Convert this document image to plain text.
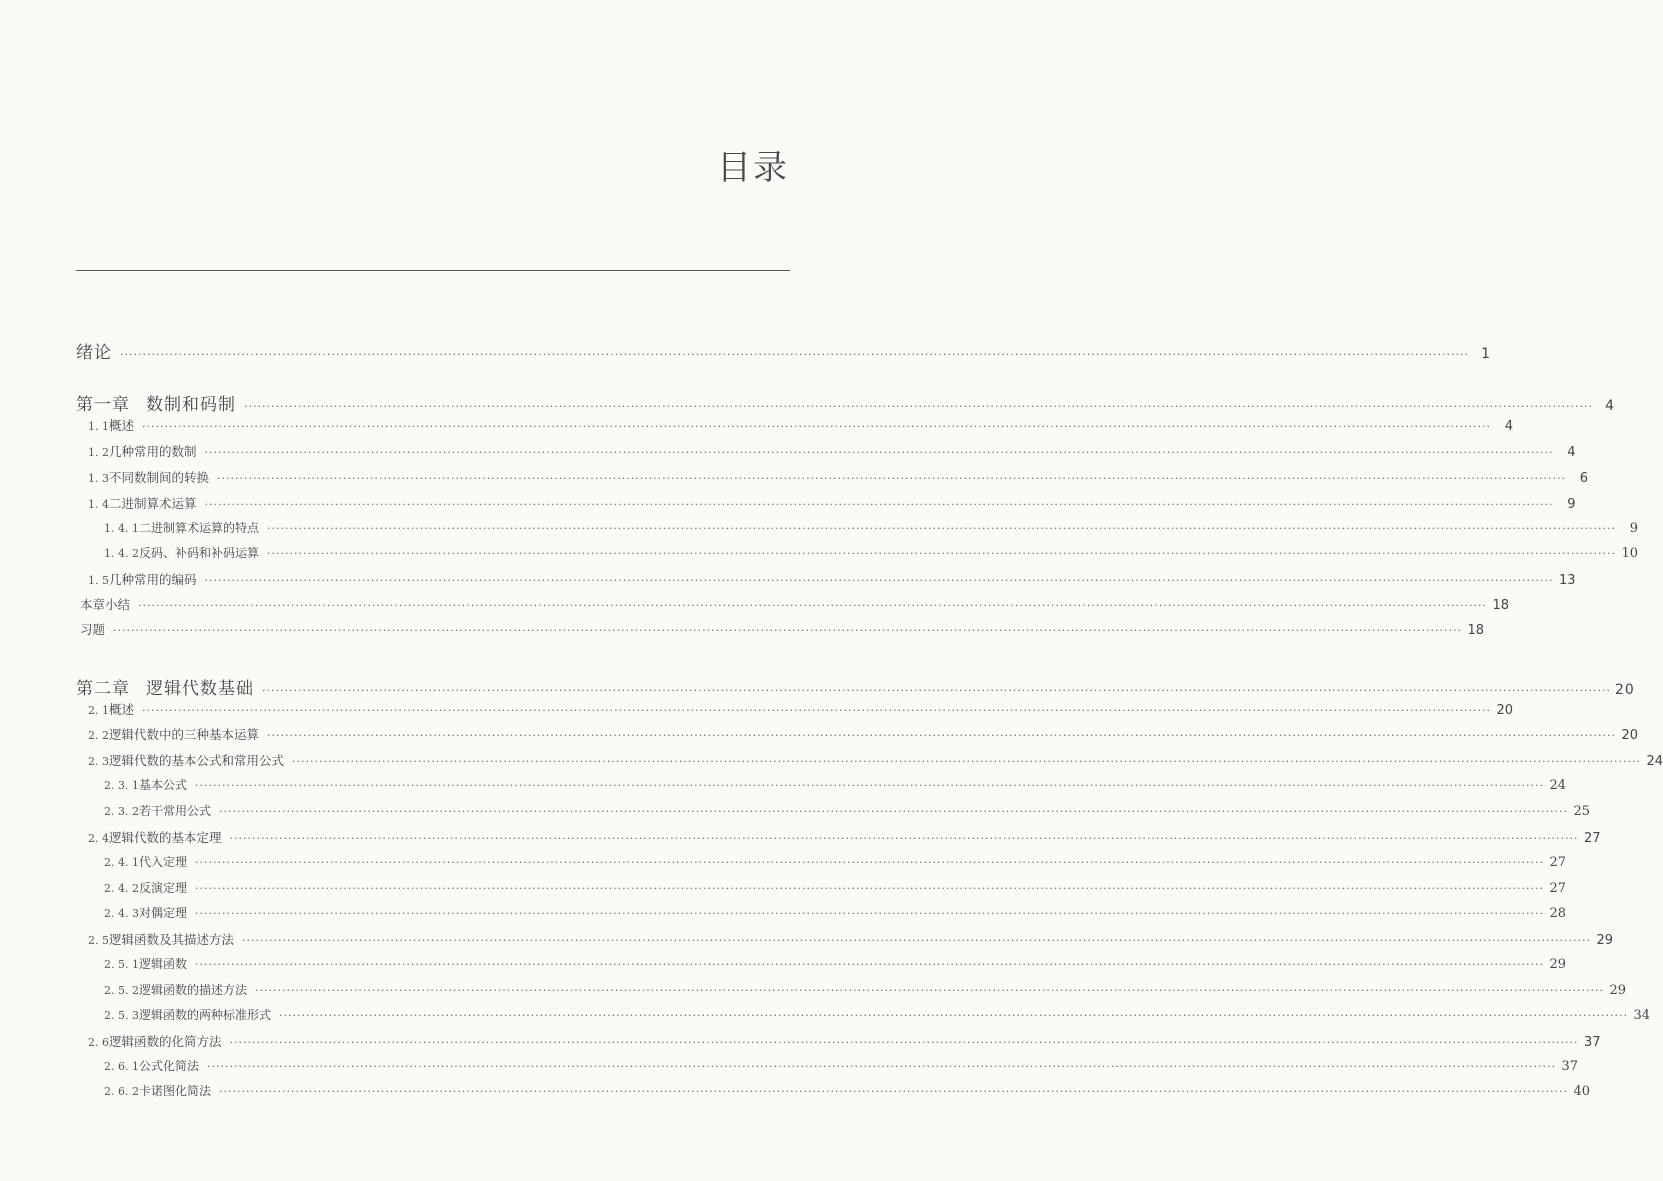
目录
绪论 ············································································································································································································································································································ 1
第一章 数制和码制 ············································································································································································································································································································ 4
1. 1 概述 ············································································································································································································································································································	4
1. 2 几种常用的数制 ············································································································································································································································································································	4
1. 3 不同数制间的转换 ············································································································································································································································································································	6
1. 4 二进制算术运算 ············································································································································································································································································································	9
1. 4. 1 二进制算术运算的特点 ············································································································································································································································································································	9
1. 4. 2 反码、补码和补码运算 ············································································································································································································································································································ 10
1. 5 几种常用的编码 ············································································································································································································································································································ 13
本章小结 ············································································································································································································································································································ 18
习题 ············································································································································································································································································································ 18
第二章 逻辑代数基础 ············································································································································································································································································································ 20
2. 1 概述 ············································································································································································································································································································ 20
2. 2 逻辑代数中的三种基本运算 ············································································································································································································································································································ 20
2. 3 逻辑代数的基本公式和常用公式 ············································································································································································································································································································ 24
2. 3. 1 基本公式 ············································································································································································································································································································ 24
2. 3. 2 若干常用公式 ············································································································································································································································································································ 25
2. 4 逻辑代数的基本定理 ············································································································································································································································································································ 27
2. 4. 1 代入定理 ············································································································································································································································································································ 27
2. 4. 2 反演定理 ············································································································································································································································································································ 27
2. 4. 3 对偶定理 ············································································································································································································································································································ 28
2. 5 逻辑函数及其描述方法 ············································································································································································································································································································ 29
2. 5. 1 逻辑函数 ············································································································································································································································································································ 29
2. 5. 2 逻辑函数的描述方法 ············································································································································································································································································································ 29
2. 5. 3 逻辑函数的两种标准形式 ············································································································································································································································································································ 34
2. 6 逻辑函数的化简方法 ············································································································································································································································································································ 37
2. 6. 1 公式化简法 ············································································································································································································································································································ 37
2. 6. 2 卡诺图化简法 ············································································································································································································································································································ 40
